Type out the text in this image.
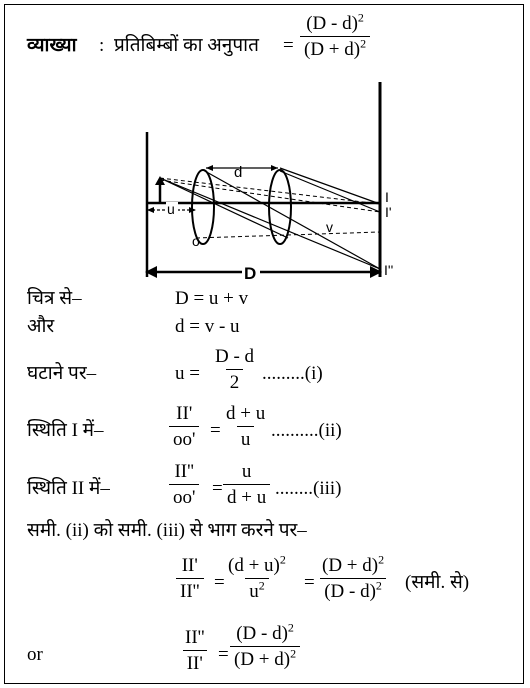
व्याख्या : प्रतिबिम्बों का अनुपात = $\frac{(D - d)^2}{(D + d)^2}$
d
u
o
v
D
I
I'
I''
चित्र से–	D = u + v
और	d = v - u
घटाने पर–	$u = \frac{D - d}{2} .........(i)$
स्थिति I में–	$\frac{II'}{oo'} = \frac{d + u}{u} ..........(ii)$
स्थिति II में–	$\frac{II''}{oo'} = \frac{u}{d + u} ........(iii)$
समी. (ii) को समी. (iii) से भाग करने पर–
$\frac{II'}{II''} = \frac{(d + u)^2}{u^2} = \frac{(D + d)^2}{(D - d)^2}$ (समी. से)
or	$\frac{II''}{II'} = \frac{(D - d)^2}{(D + d)^2}$
